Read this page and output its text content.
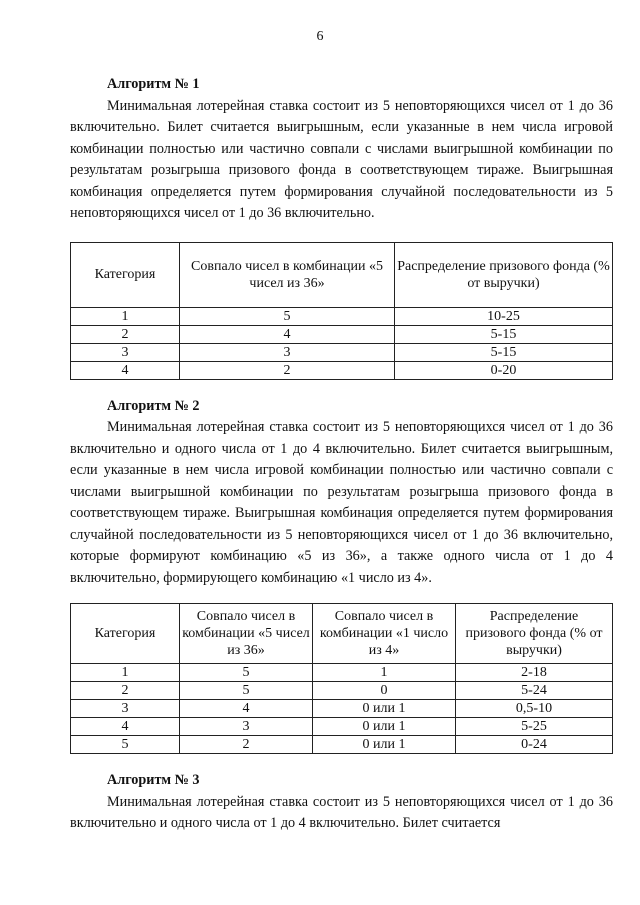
6
Алгоритм № 1

Минимальная лотерейная ставка состоит из 5 неповторяющихся чисел от 1 до 36 включительно. Билет считается выигрышным, если указанные в нем числа игровой комбинации полностью или частично совпали с числами выигрышной комбинации по результатам розыгрыша призового фонда в соответствующем тираже. Выигрышная комбинация определяется путем формирования случайной последовательности из 5 неповторяющихся чисел от 1 до 36 включительно.

Категория	Совпало чисел в комбинации «5 чисел из 36»	Распределение призового фонда (% от выручки)
1	5	10-25
2	4	5-15
3	3	5-15
4	2	0-20
Алгоритм № 2

Минимальная лотерейная ставка состоит из 5 неповторяющихся чисел от 1 до 36 включительно и одного числа от 1 до 4 включительно. Билет считается выигрышным, если указанные в нем числа игровой комбинации полностью или частично совпали с числами выигрышной комбинации по результатам розыгрыша призового фонда в соответствующем тираже. Выигрышная комбинация определяется путем формирования случайной последовательности из 5 неповторяющихся чисел от 1 до 36 включительно, которые формируют комбинацию «5 из 36», а также одного числа от 1 до 4 включительно, формирующего комбинацию «1 число из 4».

Категория	Совпало чисел в комбинации «5 чисел из 36»	Совпало чисел в комбинации «1 число из 4»	Распределение призового фонда (% от выручки)
1	5	1	2-18
2	5	0	5-24
3	4	0 или 1	0,5-10
4	3	0 или 1	5-25
5	2	0 или 1	0-24
Алгоритм № 3

Минимальная лотерейная ставка состоит из 5 неповторяющихся чисел от 1 до 36 включительно и одного числа от 1 до 4 включительно. Билет считается
